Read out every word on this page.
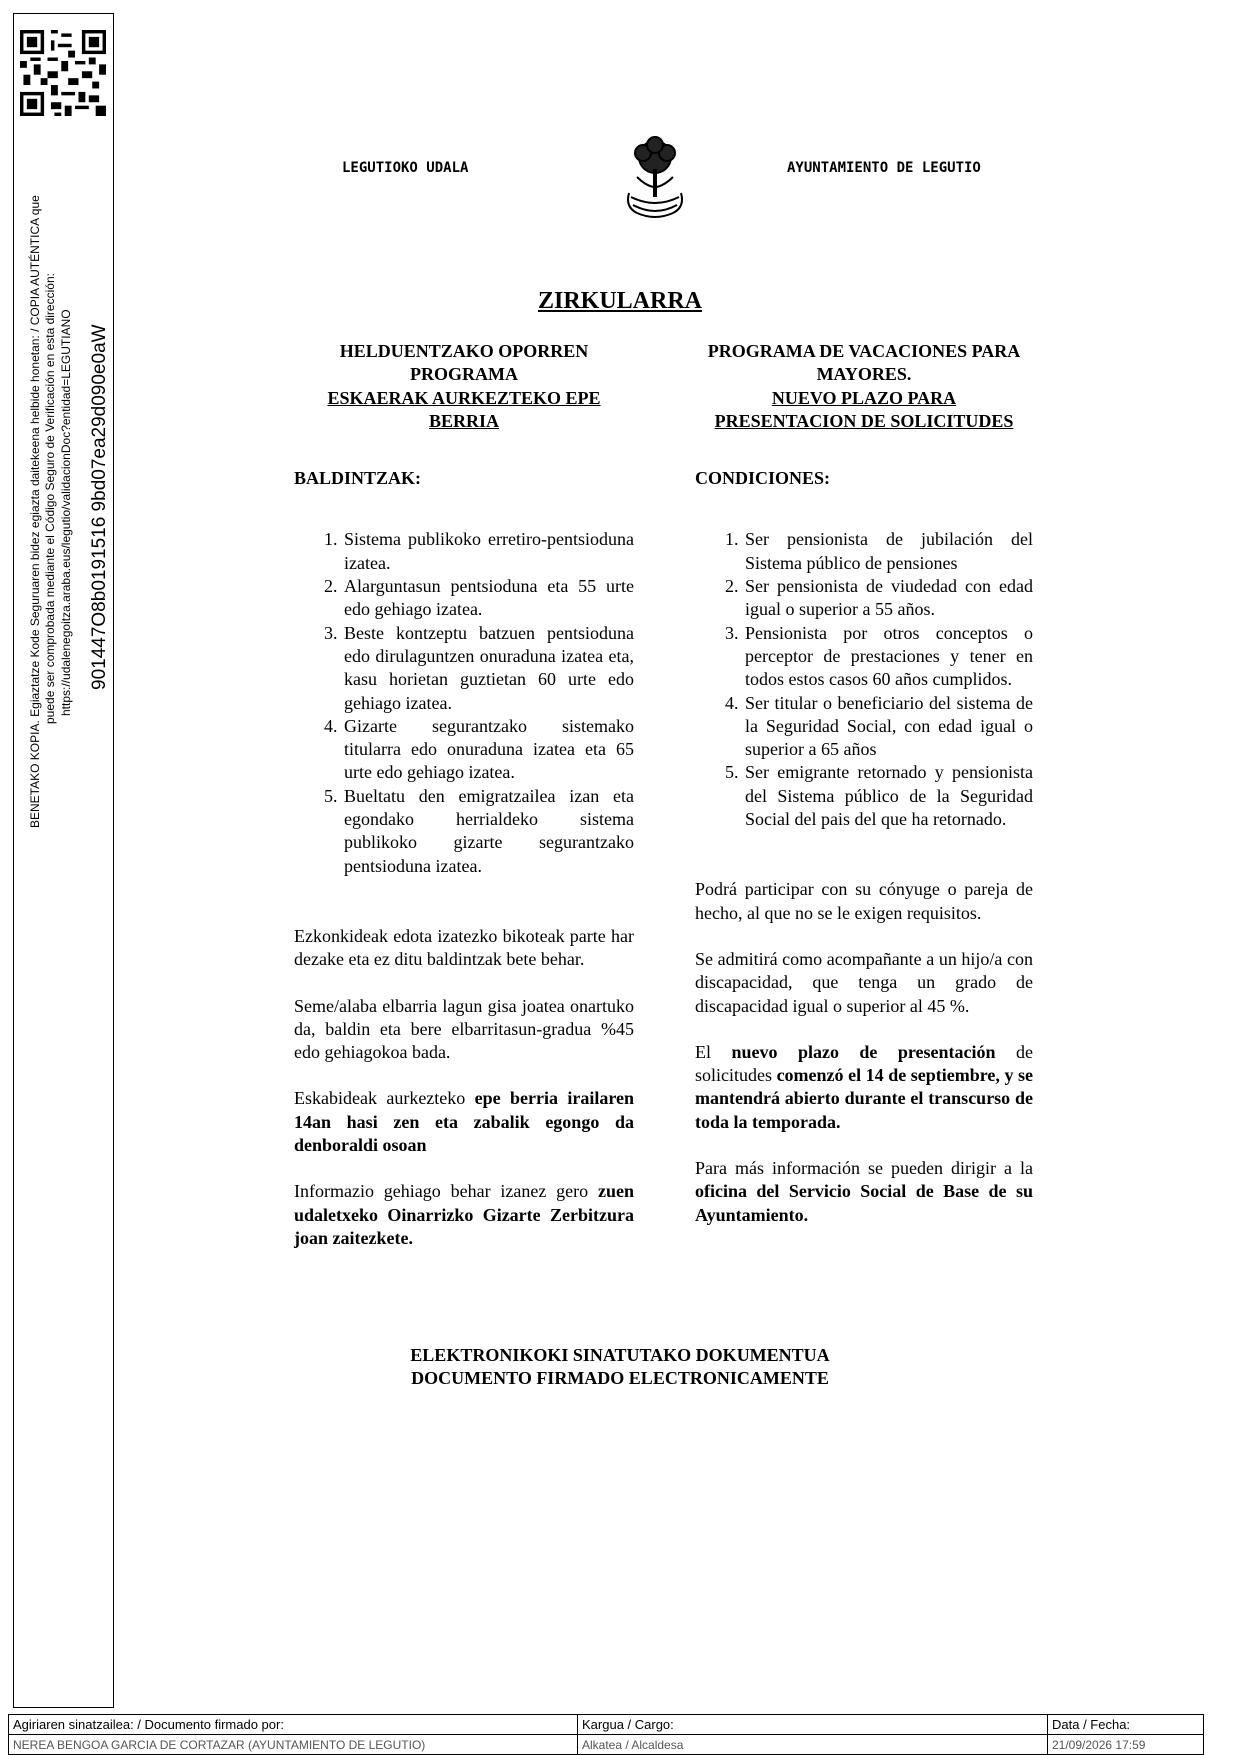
BENETAKO KOPIA. Egiaztatze Kode Seguruaren bidez egiazta daitekeena helbide honetan: / COPIA AUTÉNTICA que puede ser comprobada mediante el Código Seguro de Verificación en esta dirección: https://udalenegoitza.araba.eus/legutio/validacionDoc?entidad=LEGUTIANO 901447O8b0191516 9bd07ea29d090e0aW
LEGUTIOKO UDALA	AYUNTAMIENTO DE LEGUTIO
ZIRKULARRA
HELDUENTZAKO OPORREN
PROGRAMA
ESKAERAK AURKEZTEKO EPE
BERRIA
BALDINTZAK:
1. Sistema publikoko erretiro-pentsioduna izatea.
2. Alarguntasun pentsioduna eta 55 urte edo gehiago izatea.
3. Beste kontzeptu batzuen pentsioduna edo dirulaguntzen onuraduna izatea eta, kasu horietan guztietan 60 urte edo gehiago izatea.
4. Gizarte segurantzako sistemako titularra edo onuraduna izatea eta 65 urte edo gehiago izatea.
5. Bueltatu den emigratzailea izan eta egondako herrialdeko sistema publikoko gizarte segurantzako pentsioduna izatea.

Ezkonkideak edota izatezko bikoteak parte har dezake eta ez ditu baldintzak bete behar.

Seme/alaba elbarria lagun gisa joatea onartuko da, baldin eta bere elbarritasun-gradua %45 edo gehiagokoa bada.

Eskabideak aurkezteko epe berria irailaren 14an hasi zen eta zabalik egongo da denboraldi osoan

Informazio gehiago behar izanez gero zuen udaletxeko Oinarrizko Gizarte Zerbitzura joan zaitezkete.

PROGRAMA DE VACACIONES PARA
MAYORES.
NUEVO PLAZO PARA
PRESENTACION DE SOLICITUDES
CONDICIONES:
1. Ser pensionista de jubilación del Sistema público de pensiones
2. Ser pensionista de viudedad con edad igual o superior a 55 años.
3. Pensionista por otros conceptos o perceptor de prestaciones y tener en todos estos casos 60 años cumplidos.
4. Ser titular o beneficiario del sistema de la Seguridad Social, con edad igual o superior a 65 años
5. Ser emigrante retornado y pensionista del Sistema público de la Seguridad Social del pais del que ha retornado.

Podrá participar con su cónyuge o pareja de hecho, al que no se le exigen requisitos.

Se admitirá como acompañante a un hijo/a con discapacidad, que tenga un grado de discapacidad igual o superior al 45 %.

El nuevo plazo de presentación de solicitudes comenzó el 14 de septiembre, y se mantendrá abierto durante el transcurso de toda la temporada.

Para más información se pueden dirigir a la oficina del Servicio Social de Base de su Ayuntamiento.

ELEKTRONIKOKI SINATUTAKO DOKUMENTUA
DOCUMENTO FIRMADO ELECTRONICAMENTE
Agiriaren sinatzailea: / Documento firmado por:	Kargua / Cargo:	Data / Fecha:
NEREA BENGOA GARCIA DE CORTAZAR (AYUNTAMIENTO DE LEGUTIO)	Alkatea / Alcaldesa	21/09/2026 17:59
